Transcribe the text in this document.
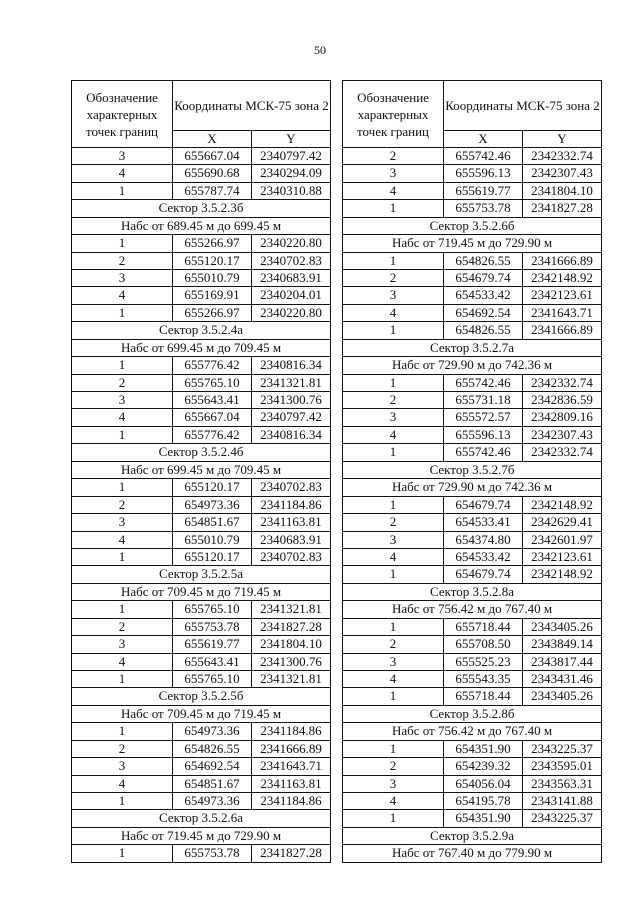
50
Обозначение характерных точек границ	Координаты МСК-75 зона 2	
	X	Y
3	655667.04	2340797.42
4	655690.68	2340294.09
1	655787.74	2340310.88
Сектор 3.5.2.3б		
Набс от 689.45 м до 699.45 м		
1	655266.97	2340220.80
2	655120.17	2340702.83
3	655010.79	2340683.91
4	655169.91	2340204.01
1	655266.97	2340220.80
Сектор 3.5.2.4а		
Набс от 699.45 м до 709.45 м		
1	655776.42	2340816.34
2	655765.10	2341321.81
3	655643.41	2341300.76
4	655667.04	2340797.42
1	655776.42	2340816.34
Сектор 3.5.2.4б		
Набс от 699.45 м до 709.45 м		
1	655120.17	2340702.83
2	654973.36	2341184.86
3	654851.67	2341163.81
4	655010.79	2340683.91
1	655120.17	2340702.83
Сектор 3.5.2.5а		
Набс от 709.45 м до 719.45 м		
1	655765.10	2341321.81
2	655753.78	2341827.28
3	655619.77	2341804.10
4	655643.41	2341300.76
1	655765.10	2341321.81
Сектор 3.5.2.5б		
Набс от 709.45 м до 719.45 м		
1	654973.36	2341184.86
2	654826.55	2341666.89
3	654692.54	2341643.71
4	654851.67	2341163.81
1	654973.36	2341184.86
Сектор 3.5.2.6а		
Набс от 719.45 м до 729.90 м		
1	655753.78	2341827.28
Обозначение характерных точек границ	Координаты МСК-75 зона 2	
	X	Y
2	655742.46	2342332.74
3	655596.13	2342307.43
4	655619.77	2341804.10
1	655753.78	2341827.28
Сектор 3.5.2.6б		
Набс от 719.45 м до 729.90 м		
1	654826.55	2341666.89
2	654679.74	2342148.92
3	654533.42	2342123.61
4	654692.54	2341643.71
1	654826.55	2341666.89
Сектор 3.5.2.7а		
Набс от 729.90 м до 742.36 м		
1	655742.46	2342332.74
2	655731.18	2342836.59
3	655572.57	2342809.16
4	655596.13	2342307.43
1	655742.46	2342332.74
Сектор 3.5.2.7б		
Набс от 729.90 м до 742.36 м		
1	654679.74	2342148.92
2	654533.41	2342629.41
3	654374.80	2342601.97
4	654533.42	2342123.61
1	654679.74	2342148.92
Сектор 3.5.2.8а		
Набс от 756.42 м до 767.40 м		
1	655718.44	2343405.26
2	655708.50	2343849.14
3	655525.23	2343817.44
4	655543.35	2343431.46
1	655718.44	2343405.26
Сектор 3.5.2.8б		
Набс от 756.42 м до 767.40 м		
1	654351.90	2343225.37
2	654239.32	2343595.01
3	654056.04	2343563.31
4	654195.78	2343141.88
1	654351.90	2343225.37
Сектор 3.5.2.9а		
Набс от 767.40 м до 779.90 м		
